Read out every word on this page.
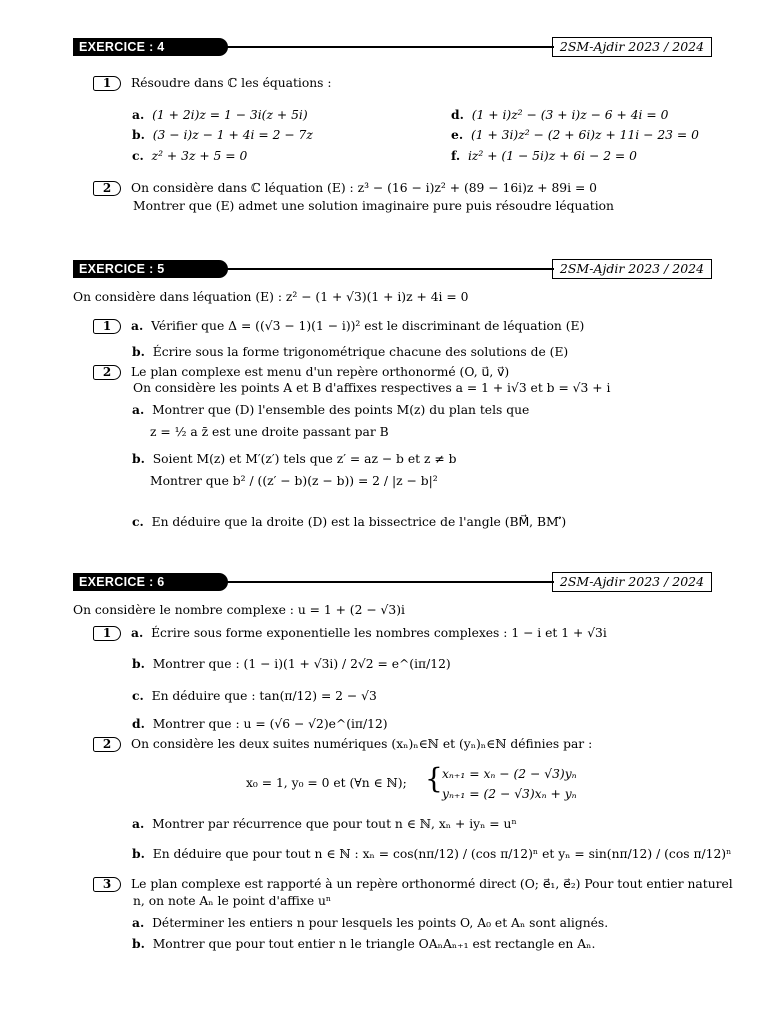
EXERCICE : 4	2SM-Ajdir 2023 / 2024
1 Résoudre dans ℂ les équations :
a. (1 + 2i)z = 1 − 3i(z + 5i)
b. (3 − i)z − 1 + 4i = 2 − 7z
c. z² + 3z + 5 = 0
d. (1 + i)z² − (3 + i)z − 6 + 4i = 0
e. (1 + 3i)z² − (2 + 6i)z + 11i − 23 = 0
f. iz² + (1 − 5i)z + 6i − 2 = 0
2 On considère dans ℂ léquation (E) : z³ − (16 − i)z² + (89 − 16i)z + 89i = 0
Montrer que (E) admet une solution imaginaire pure puis résoudre léquation
EXERCICE : 5	2SM-Ajdir 2023 / 2024
On considère dans léquation (E) : z² − (1 + √3)(1 + i)z + 4i = 0
1 a. Vérifier que Δ = ((√3 − 1)(1 − i))² est le discriminant de léquation (E)
b. Écrire sous la forme trigonométrique chacune des solutions de (E)
2 Le plan complexe est menu d'un repère orthonormé (O, u⃗, v⃗)
On considère les points A et B d'affixes respectives a = 1 + i√3 et b = √3 + i
a. Montrer que (D) l'ensemble des points M(z) du plan tels que
z = ½ a z̄ est une droite passant par B
b. Soient M(z) et M′(z′) tels que z′ = az − b et z ≠ b
Montrer que b² / ((z′ − b)(z − b)) = 2 / |z − b|²
c. En déduire que la droite (D) est la bissectrice de l'angle (BM⃗, BM′⃗)
EXERCICE : 6	2SM-Ajdir 2023 / 2024
On considère le nombre complexe : u = 1 + (2 − √3)i
1 a. Écrire sous forme exponentielle les nombres complexes : 1 − i et 1 + √3i
b. Montrer que : (1 − i)(1 + √3i) / 2√2 = e^(iπ/12)
c. En déduire que : tan(π/12) = 2 − √3
d. Montrer que : u = (√6 − √2)e^(iπ/12)
2 On considère les deux suites numériques (xₙ)ₙ∈ℕ et (yₙ)ₙ∈ℕ définies par :
x₀ = 1, y₀ = 0 et (∀n ∈ ℕ); { xₙ₊₁ = xₙ − (2 − √3)yₙ
yₙ₊₁ = (2 − √3)xₙ + yₙ
a. Montrer par récurrence que pour tout n ∈ ℕ, xₙ + iyₙ = uⁿ
b. En déduire que pour tout n ∈ ℕ : xₙ = cos(nπ/12) / (cos π/12)ⁿ et yₙ = sin(nπ/12) / (cos π/12)ⁿ
3 Le plan complexe est rapporté à un repère orthonormé direct (O; e⃗₁, e⃗₂) Pour tout entier naturel
n, on note Aₙ le point d'affixe uⁿ
a. Déterminer les entiers n pour lesquels les points O, A₀ et Aₙ sont alignés.
b. Montrer que pour tout entier n le triangle OAₙAₙ₊₁ est rectangle en Aₙ.
